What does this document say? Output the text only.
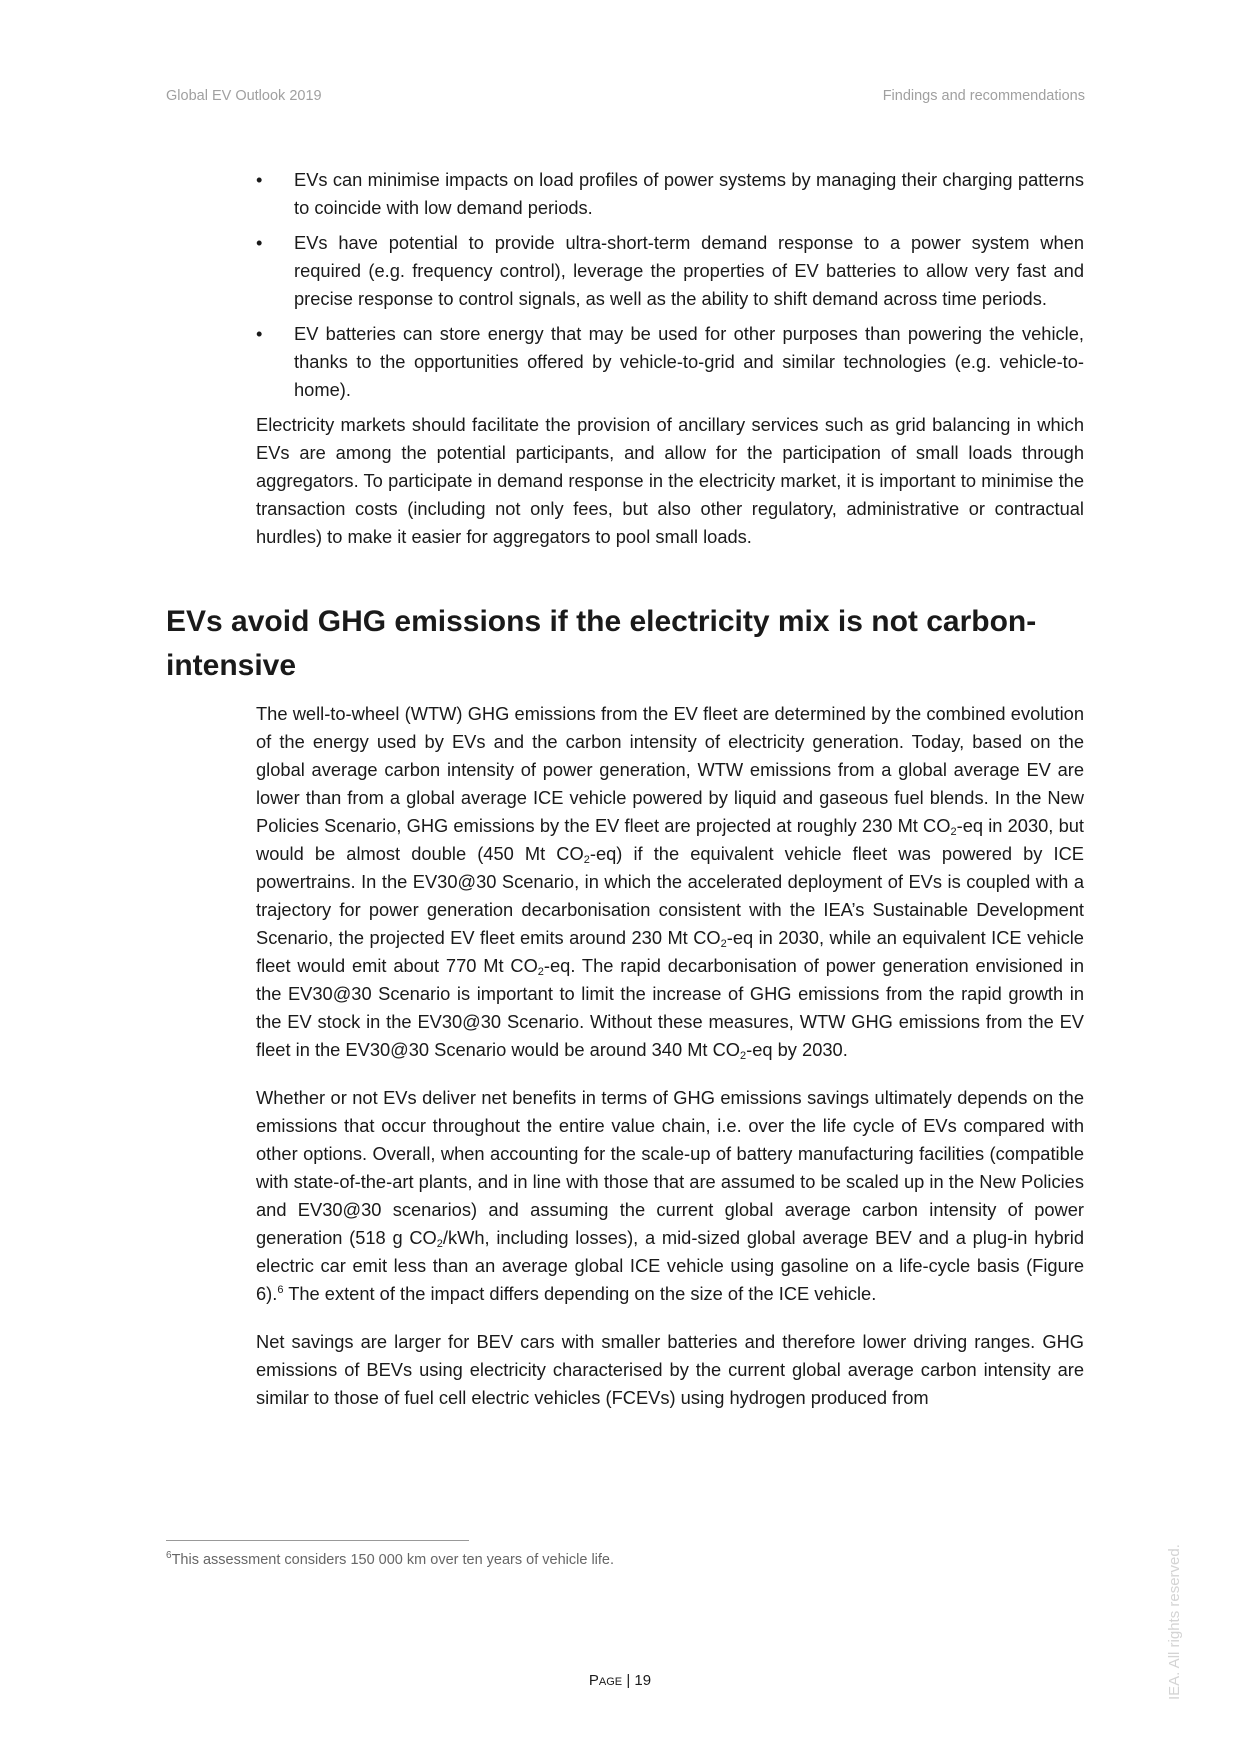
Global EV Outlook 2019	Findings and recommendations
• EVs can minimise impacts on load profiles of power systems by managing their charging patterns to coincide with low demand periods.
• EVs have potential to provide ultra-short-term demand response to a power system when required (e.g. frequency control), leverage the properties of EV batteries to allow very fast and precise response to control signals, as well as the ability to shift demand across time periods.
• EV batteries can store energy that may be used for other purposes than powering the vehicle, thanks to the opportunities offered by vehicle-to-grid and similar technologies (e.g. vehicle-to-home).

Electricity markets should facilitate the provision of ancillary services such as grid balancing in which EVs are among the potential participants, and allow for the participation of small loads through aggregators. To participate in demand response in the electricity market, it is important to minimise the transaction costs (including not only fees, but also other regulatory, administrative or contractual hurdles) to make it easier for aggregators to pool small loads.

EVs avoid GHG emissions if the electricity mix is not carbon-intensive

The well-to-wheel (WTW) GHG emissions from the EV fleet are determined by the combined evolution of the energy used by EVs and the carbon intensity of electricity generation. Today, based on the global average carbon intensity of power generation, WTW emissions from a global average EV are lower than from a global average ICE vehicle powered by liquid and gaseous fuel blends. In the New Policies Scenario, GHG emissions by the EV fleet are projected at roughly 230 Mt $CO_2-eq$ in 2030, but would be almost double (450 Mt $CO_2-eq$) if the equivalent vehicle fleet was powered by ICE powertrains. In the EV30@30 Scenario, in which the accelerated deployment of EVs is coupled with a trajectory for power generation decarbonisation consistent with the IEA’s Sustainable Development Scenario, the projected EV fleet emits around 230 Mt $CO_2-eq$ in 2030, while an equivalent ICE vehicle fleet would emit about 770 Mt $CO_2-eq$. The rapid decarbonisation of power generation envisioned in the EV30@30 Scenario is important to limit the increase of GHG emissions from the rapid growth in the EV stock in the EV30@30 Scenario. Without these measures, WTW GHG emissions from the EV fleet in the EV30@30 Scenario would be around 340 Mt $CO_2-eq$ by 2030.

Whether or not EVs deliver net benefits in terms of GHG emissions savings ultimately depends on the emissions that occur throughout the entire value chain, i.e. over the life cycle of EVs compared with other options. Overall, when accounting for the scale-up of battery manufacturing facilities (compatible with state-of-the-art plants, and in line with those that are assumed to be scaled up in the New Policies and EV30@30 scenarios) and assuming the current global average carbon intensity of power generation (518 g $CO_2$/kWh, including losses), a mid-sized global average BEV and a plug-in hybrid electric car emit less than an average global ICE vehicle using gasoline on a life-cycle basis (Figure 6).$^6$ The extent of the impact differs depending on the size of the ICE vehicle.

Net savings are larger for BEV cars with smaller batteries and therefore lower driving ranges. GHG emissions of BEVs using electricity characterised by the current global average carbon intensity are similar to those of fuel cell electric vehicles (FCEVs) using hydrogen produced from

$^6$This assessment considers 150 000 km over ten years of vehicle life.
Page | 19	IEA. All rights reserved.
